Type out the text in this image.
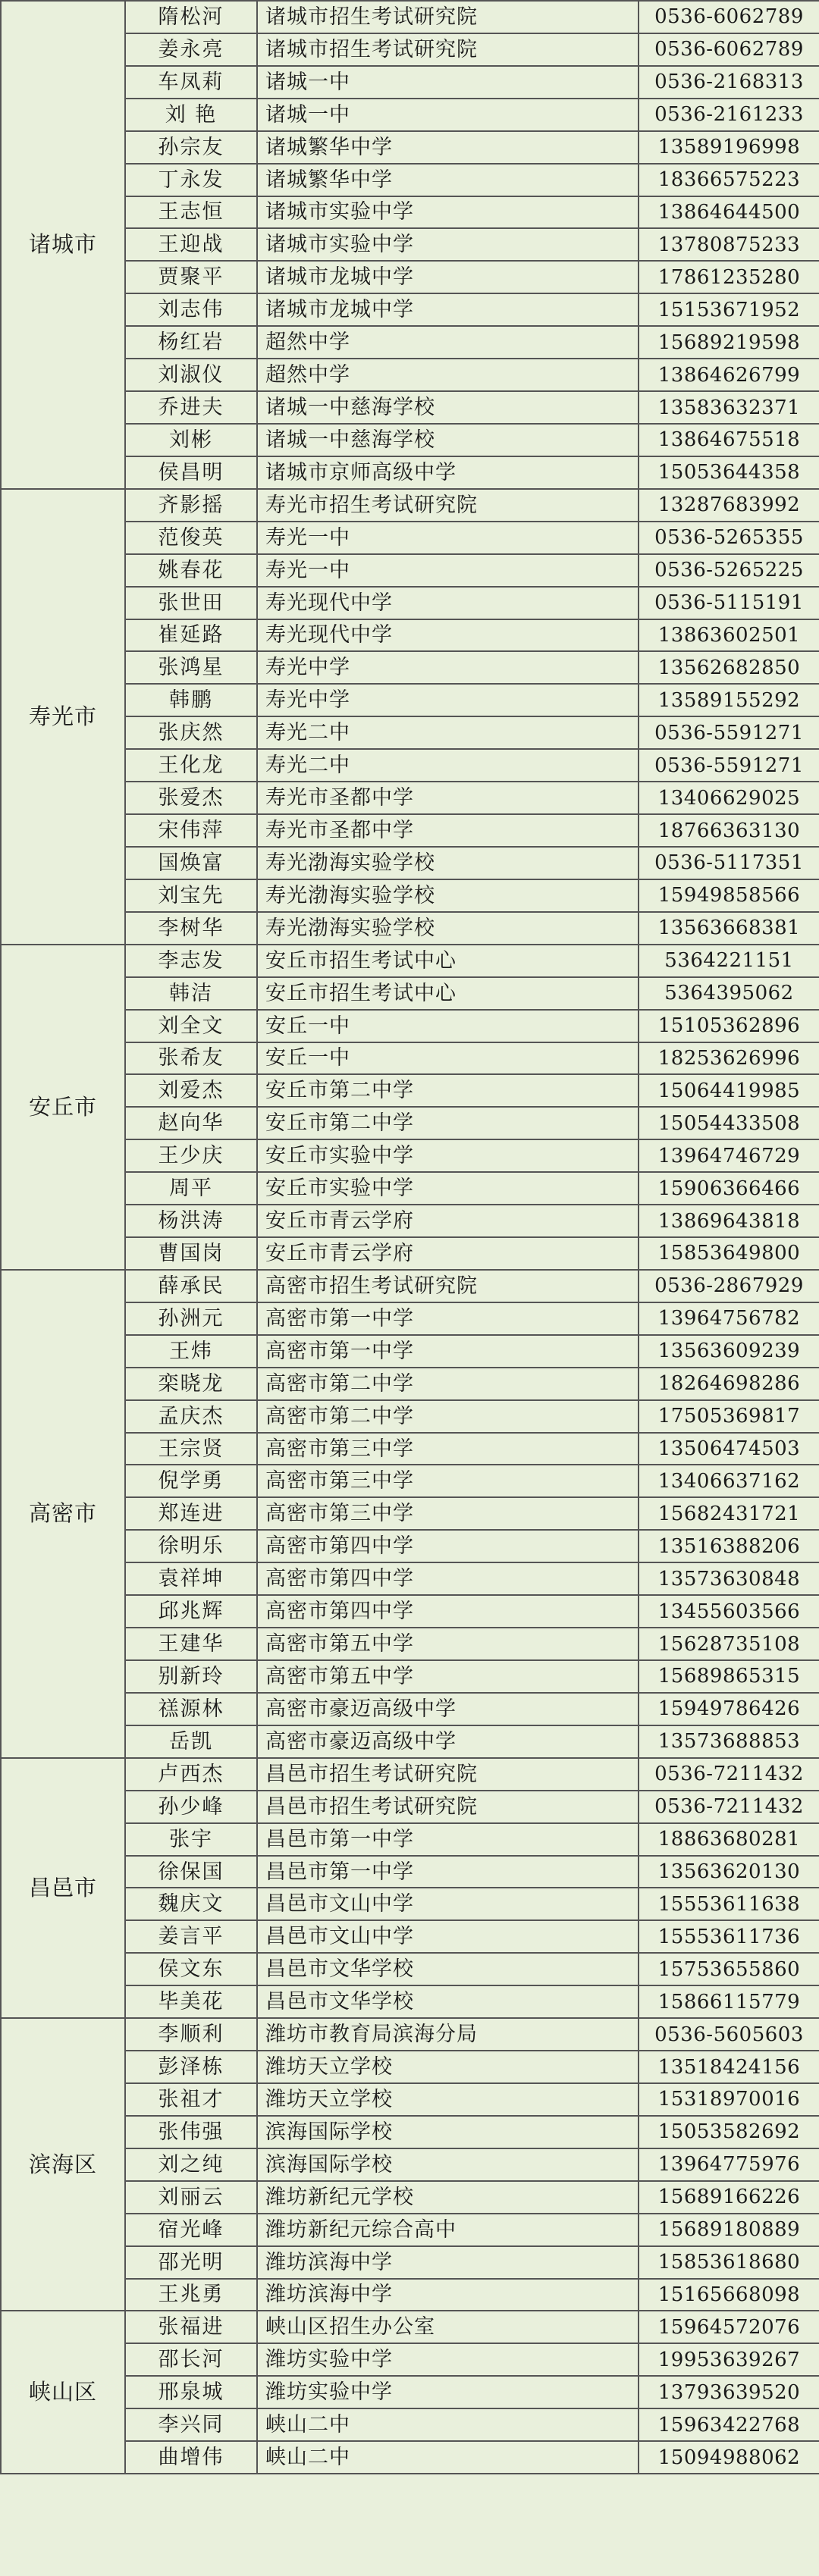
诸城市	隋松河	诸城市招生考试研究院	0536-6062789
	姜永亮	诸城市招生考试研究院	0536-6062789
	车凤莉	诸城一中	0536-2168313
	刘 艳	诸城一中	0536-2161233
	孙宗友	诸城繁华中学	13589196998
	丁永发	诸城繁华中学	18366575223
	王志恒	诸城市实验中学	13864644500
	王迎战	诸城市实验中学	13780875233
	贾聚平	诸城市龙城中学	17861235280
	刘志伟	诸城市龙城中学	15153671952
	杨红岩	超然中学	15689219598
	刘淑仪	超然中学	13864626799
	乔进夫	诸城一中慈海学校	13583632371
	刘彬	诸城一中慈海学校	13864675518
	侯昌明	诸城市京师高级中学	15053644358
寿光市	齐影摇	寿光市招生考试研究院	13287683992
	范俊英	寿光一中	0536-5265355
	姚春花	寿光一中	0536-5265225
	张世田	寿光现代中学	0536-5115191
	崔延路	寿光现代中学	13863602501
	张鸿星	寿光中学	13562682850
	韩鹏	寿光中学	13589155292
	张庆然	寿光二中	0536-5591271
	王化龙	寿光二中	0536-5591271
	张爱杰	寿光市圣都中学	13406629025
	宋伟萍	寿光市圣都中学	18766363130
	国焕富	寿光渤海实验学校	0536-5117351
	刘宝先	寿光渤海实验学校	15949858566
	李树华	寿光渤海实验学校	13563668381
安丘市	李志发	安丘市招生考试中心	5364221151
	韩洁	安丘市招生考试中心	5364395062
	刘全文	安丘一中	15105362896
	张希友	安丘一中	18253626996
	刘爱杰	安丘市第二中学	15064419985
	赵向华	安丘市第二中学	15054433508
	王少庆	安丘市实验中学	13964746729
	周平	安丘市实验中学	15906366466
	杨洪涛	安丘市青云学府	13869643818
	曹国岗	安丘市青云学府	15853649800
高密市	薛承民	高密市招生考试研究院	0536-2867929
	孙洲元	高密市第一中学	13964756782
	王炜	高密市第一中学	13563609239
	栾晓龙	高密市第二中学	18264698286
	孟庆杰	高密市第二中学	17505369817
	王宗贤	高密市第三中学	13506474503
	倪学勇	高密市第三中学	13406637162
	郑连进	高密市第三中学	15682431721
	徐明乐	高密市第四中学	13516388206
	袁祥坤	高密市第四中学	13573630848
	邱兆辉	高密市第四中学	13455603566
	王建华	高密市第五中学	15628735108
	别新玲	高密市第五中学	15689865315
	禚源林	高密市豪迈高级中学	15949786426
	岳凯	高密市豪迈高级中学	13573688853
昌邑市	卢西杰	昌邑市招生考试研究院	0536-7211432
	孙少峰	昌邑市招生考试研究院	0536-7211432
	张宇	昌邑市第一中学	18863680281
	徐保国	昌邑市第一中学	13563620130
	魏庆文	昌邑市文山中学	15553611638
	姜言平	昌邑市文山中学	15553611736
	侯文东	昌邑市文华学校	15753655860
	毕美花	昌邑市文华学校	15866115779
滨海区	李顺利	潍坊市教育局滨海分局	0536-5605603
	彭泽栋	潍坊天立学校	13518424156
	张祖才	潍坊天立学校	15318970016
	张伟强	滨海国际学校	15053582692
	刘之纯	滨海国际学校	13964775976
	刘丽云	潍坊新纪元学校	15689166226
	宿光峰	潍坊新纪元综合高中	15689180889
	邵光明	潍坊滨海中学	15853618680
	王兆勇	潍坊滨海中学	15165668098
峡山区	张福进	峡山区招生办公室	15964572076
	邵长河	潍坊实验中学	19953639267
	邢泉城	潍坊实验中学	13793639520
	李兴同	峡山二中	15963422768
	曲增伟	峡山二中	15094988062
